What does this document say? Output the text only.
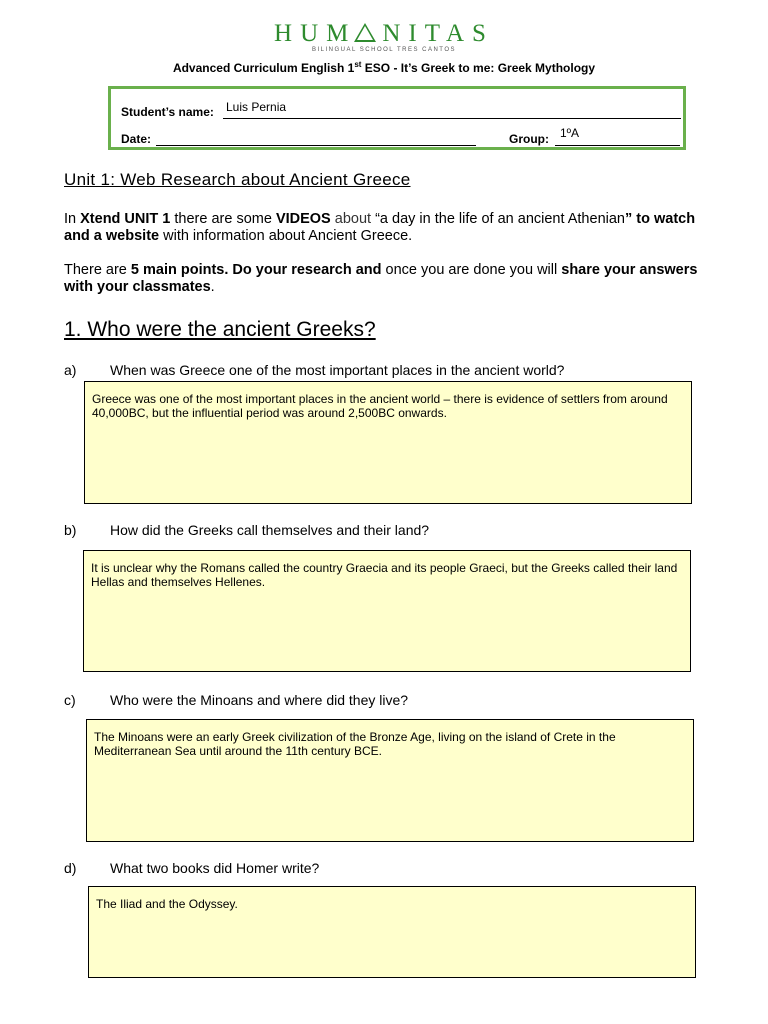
HUM NITAS
BILINGUAL SCHOOL TRES CANTOS
Advanced Curriculum English 1st ESO - It’s Greek to me: Greek Mythology
Student’s name: Luis Pernia
Date:	Group: 1ºA
Unit 1: Web Research about Ancient Greece
In Xtend UNIT 1 there are some VIDEOS about “a day in the life of an ancient Athenian” to watch and a website with information about Ancient Greece.
There are 5 main points. Do your research and once you are done you will share your answers with your classmates.
1. Who were the ancient Greeks?
a) When was Greece one of the most important places in the ancient world?
Greece was one of the most important places in the ancient world – there is evidence of settlers from around 40,000BC, but the influential period was around 2,500BC onwards.
b) How did the Greeks call themselves and their land?
It is unclear why the Romans called the country Graecia and its people Graeci, but the Greeks called their land Hellas and themselves Hellenes.
c) Who were the Minoans and where did they live?
The Minoans were an early Greek civilization of the Bronze Age, living on the island of Crete in the Mediterranean Sea until around the 11th century BCE.
d) What two books did Homer write?
The Iliad and the Odyssey.
